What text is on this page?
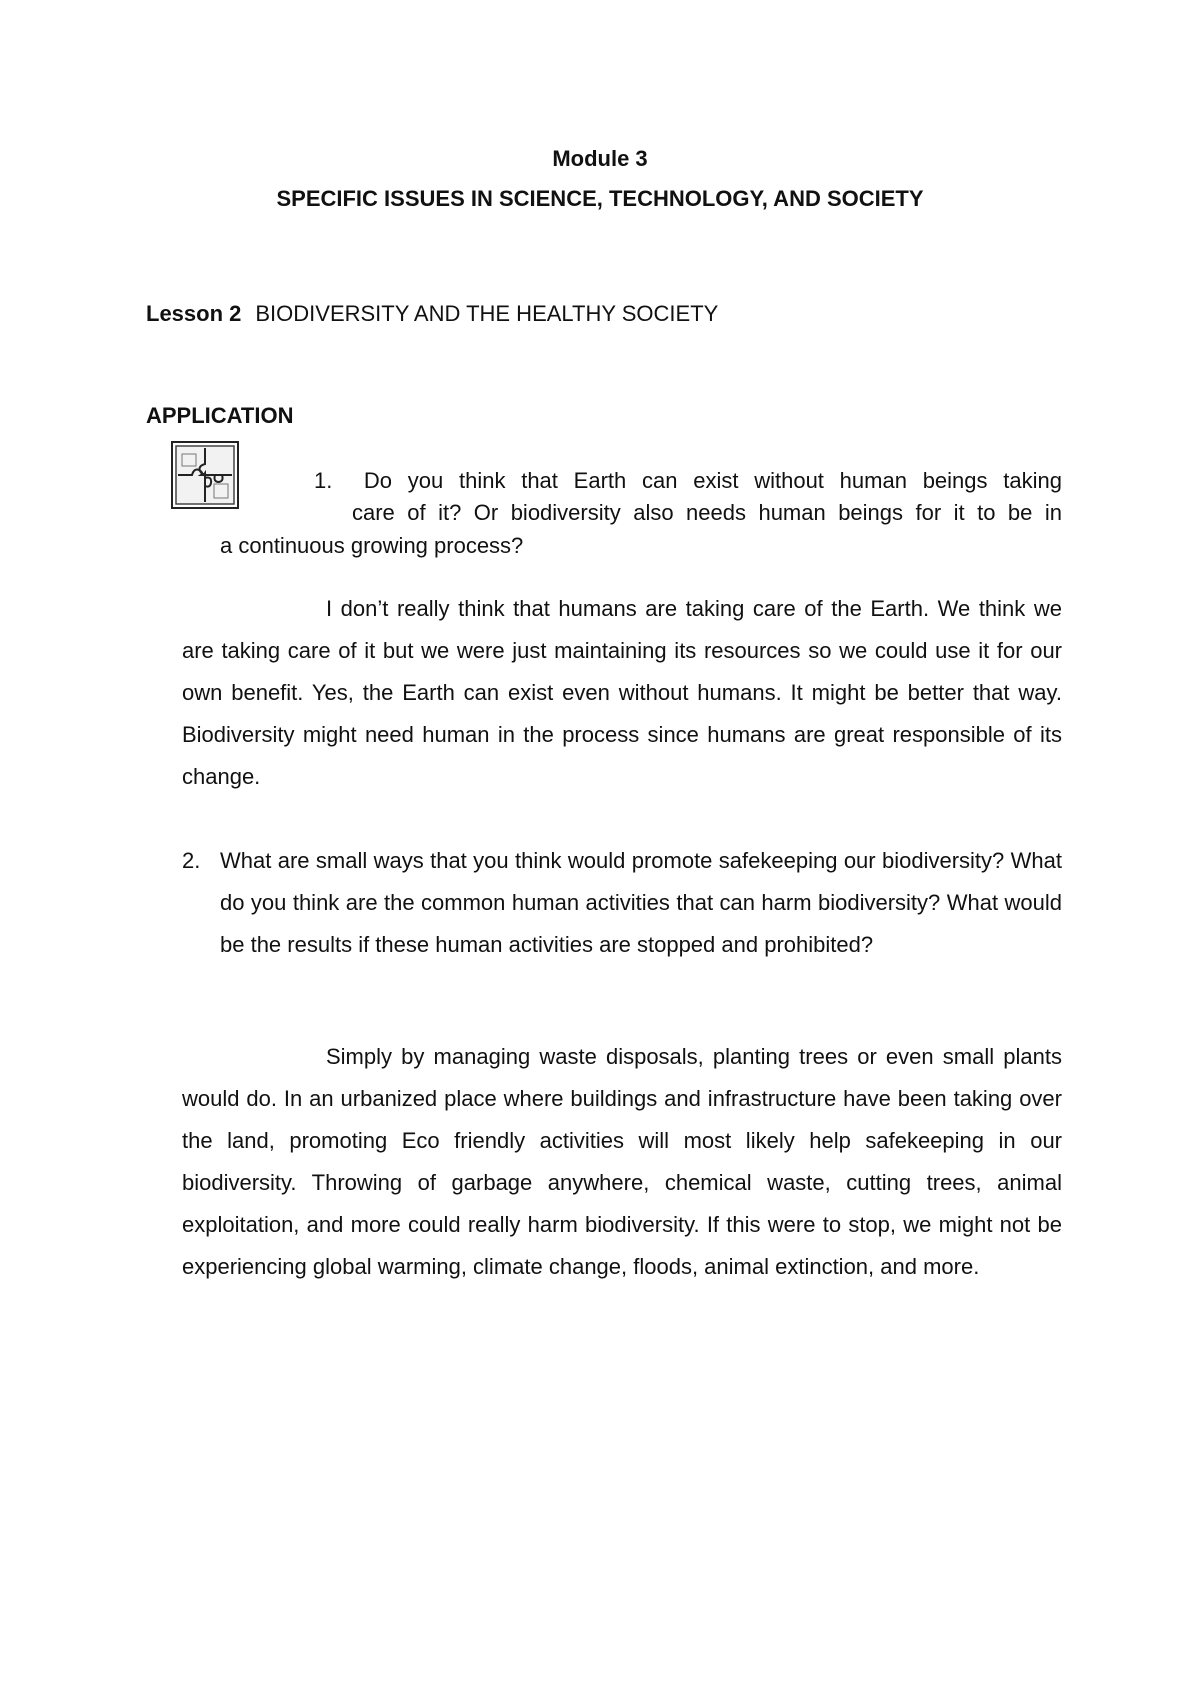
Module 3

SPECIFIC ISSUES IN SCIENCE, TECHNOLOGY, AND SOCIETY

Lesson 2 BIODIVERSITY AND THE HEALTHY SOCIETY

APPLICATION

1. Do you think that Earth can exist without human beings taking

care of it? Or biodiversity also needs human beings for it to be in

a continuous growing process?

I don’t really think that humans are taking care of the Earth. We think we are taking care of it but we were just maintaining its resources so we could use it for our own benefit. Yes, the Earth can exist even without humans. It might be better that way. Biodiversity might need human in the process since humans are great responsible of its change.

2. What are small ways that you think would promote safekeeping our biodiversity? What do you think are the common human activities that can harm biodiversity? What would be the results if these human activities are stopped and prohibited?

Simply by managing waste disposals, planting trees or even small plants would do. In an urbanized place where buildings and infrastructure have been taking over the land, promoting Eco friendly activities will most likely help safekeeping in our biodiversity. Throwing of garbage anywhere, chemical waste, cutting trees, animal exploitation, and more could really harm biodiversity. If this were to stop, we might not be experiencing global warming, climate change, floods, animal extinction, and more.
